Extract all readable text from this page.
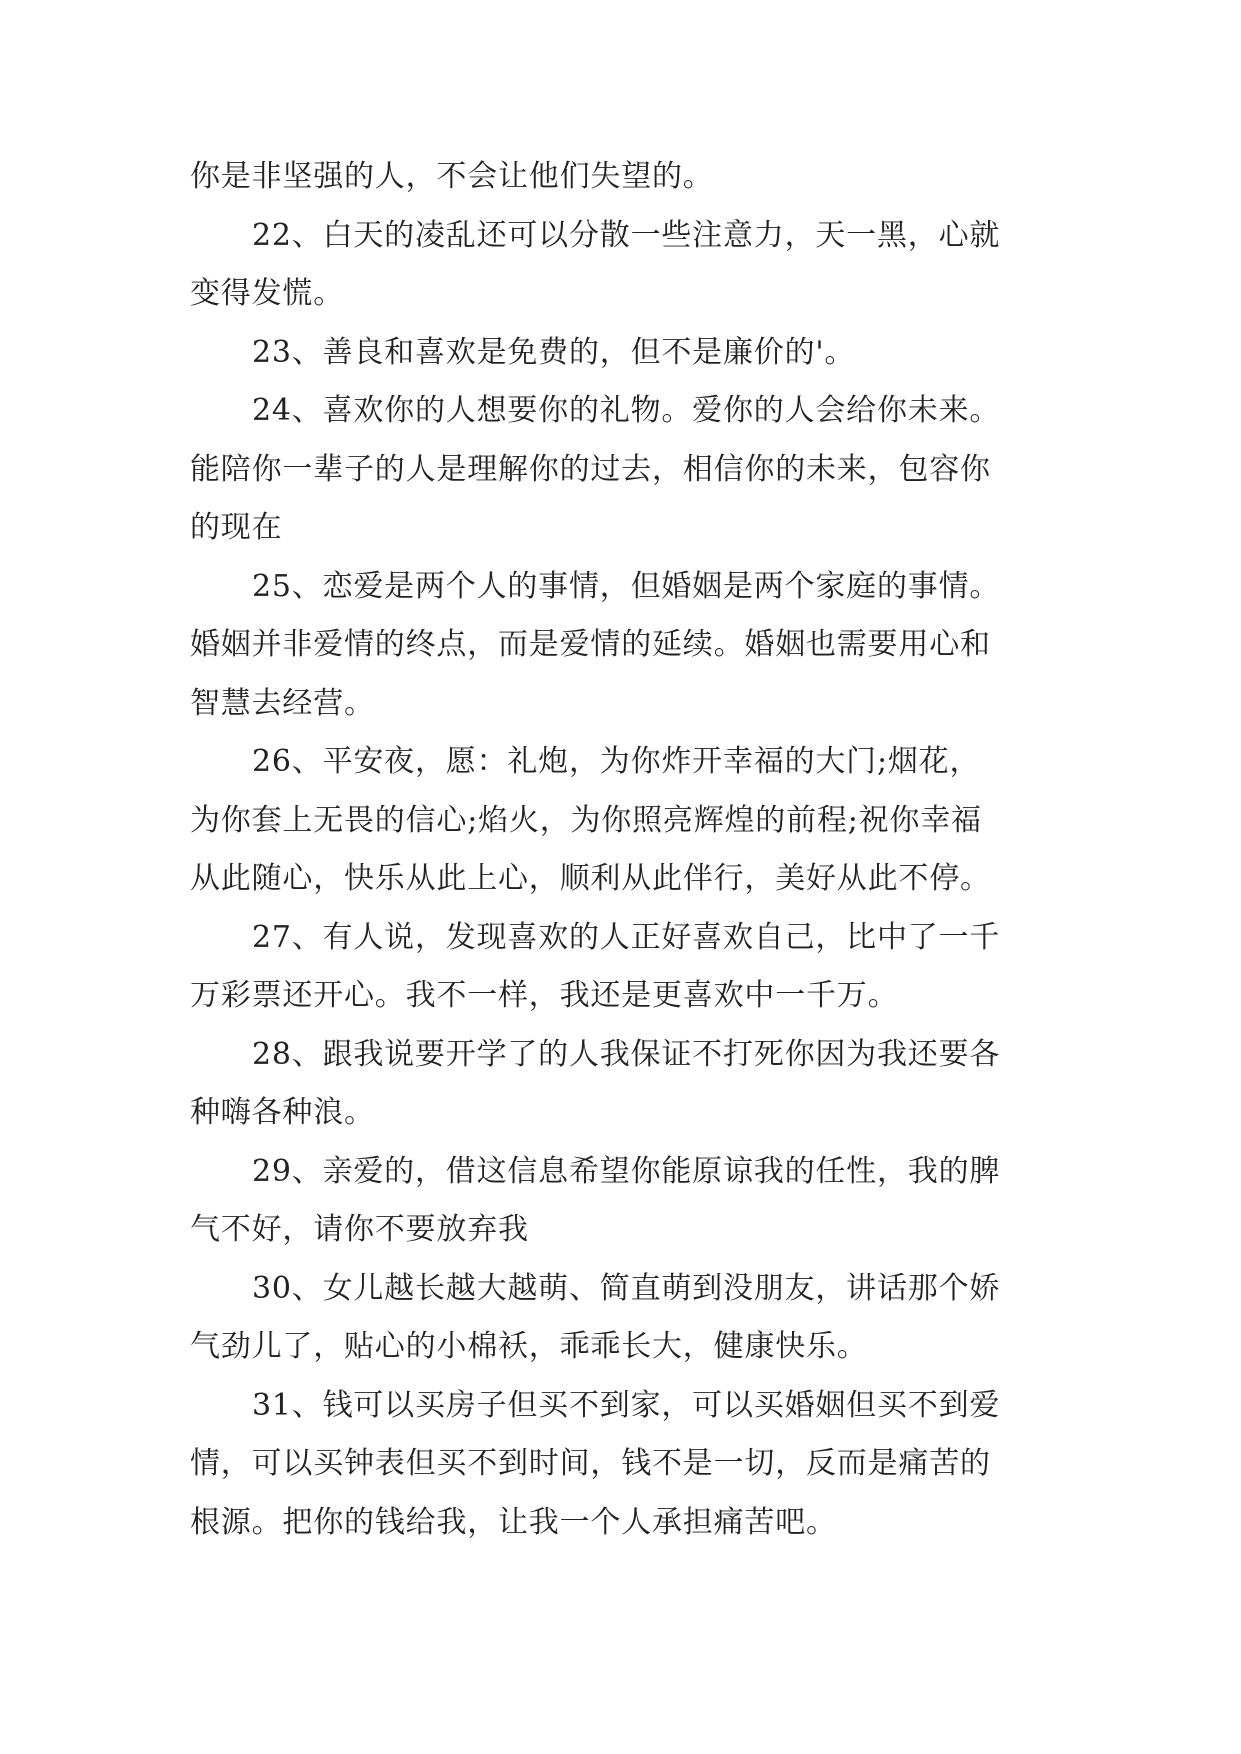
你是非坚强的人，不会让他们失望的。
22、白天的凌乱还可以分散一些注意力，天一黑，心就
变得发慌。
23、善良和喜欢是免费的，但不是廉价的'。
24、喜欢你的人想要你的礼物。爱你的人会给你未来。
能陪你一辈子的人是理解你的过去，相信你的未来，包容你
的现在
25、恋爱是两个人的事情，但婚姻是两个家庭的事情。
婚姻并非爱情的终点，而是爱情的延续。婚姻也需要用心和
智慧去经营。
26、平安夜，愿：礼炮，为你炸开幸福的大门;烟花，
为你套上无畏的信心;焰火，为你照亮辉煌的前程;祝你幸福
从此随心，快乐从此上心，顺利从此伴行，美好从此不停。
27、有人说，发现喜欢的人正好喜欢自己，比中了一千
万彩票还开心。我不一样，我还是更喜欢中一千万。
28、跟我说要开学了的人我保证不打死你因为我还要各
种嗨各种浪。
29、亲爱的，借这信息希望你能原谅我的任性，我的脾
气不好，请你不要放弃我
30、女儿越长越大越萌、简直萌到没朋友，讲话那个娇
气劲儿了，贴心的小棉袄，乖乖长大，健康快乐。
31、钱可以买房子但买不到家，可以买婚姻但买不到爱
情，可以买钟表但买不到时间，钱不是一切，反而是痛苦的
根源。把你的钱给我，让我一个人承担痛苦吧。
